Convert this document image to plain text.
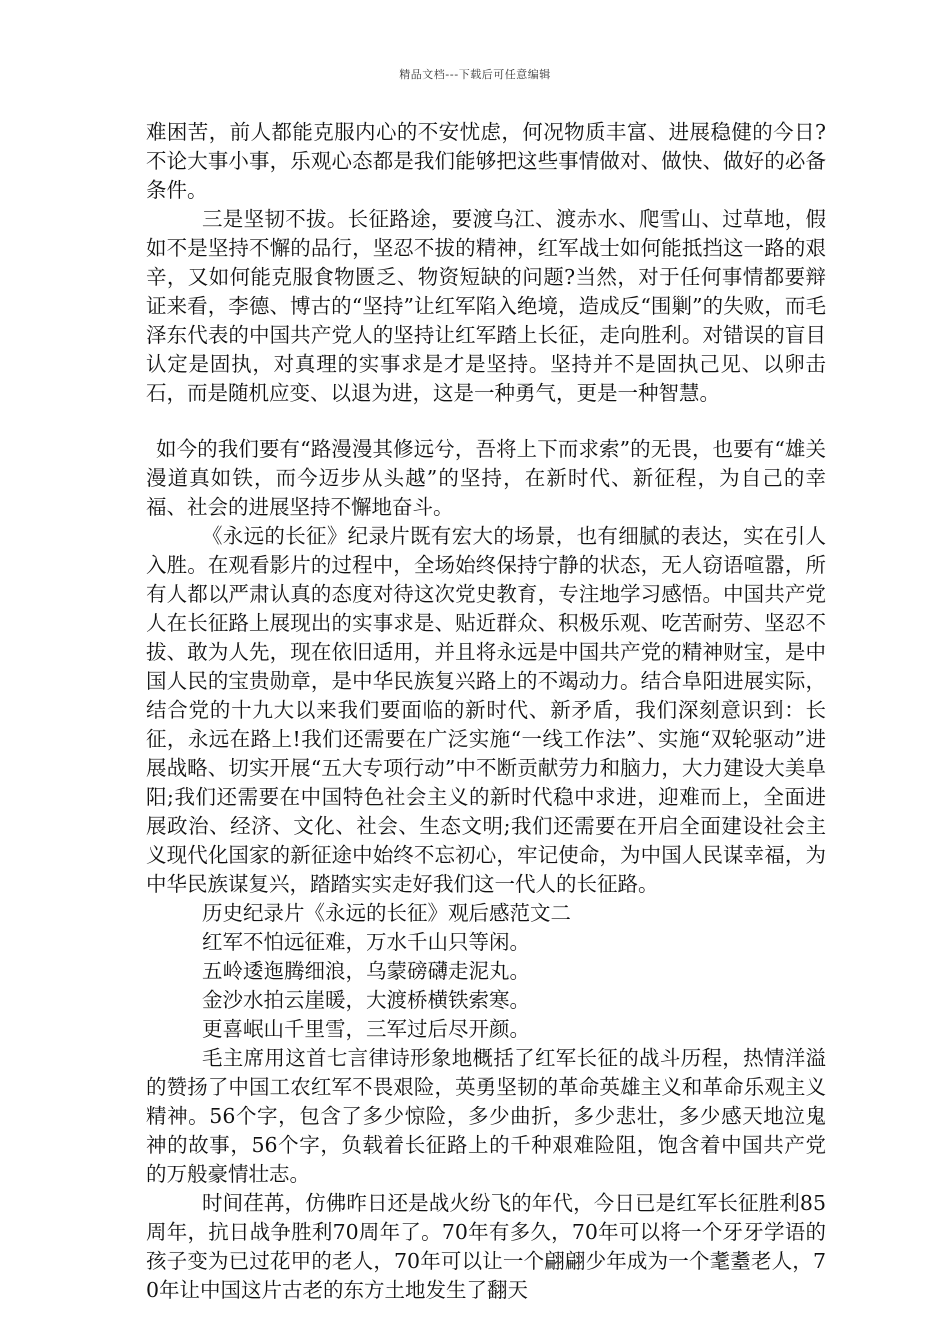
精品文档---下载后可任意编辑

难困苦，前人都能克服内心的不安忧虑，何况物质丰富、进展稳健的今日?不论大事小事，乐观心态都是我们能够把这些事情做对、做快、做好的必备条件。

三是坚韧不拔。长征路途，要渡乌江、渡赤水、爬雪山、过草地，假如不是坚持不懈的品行，坚忍不拔的精神，红军战士如何能抵挡这一路的艰辛，又如何能克服食物匮乏、物资短缺的问题?当然，对于任何事情都要辩证来看，李德、博古的“坚持”让红军陷入绝境，造成反“围剿”的失败，而毛泽东代表的中国共产党人的坚持让红军踏上长征，走向胜利。对错误的盲目认定是固执，对真理的实事求是才是坚持。坚持并不是固执己见、以卵击石，而是随机应变、以退为进，这是一种勇气，更是一种智慧。

如今的我们要有“路漫漫其修远兮，吾将上下而求索”的无畏，也要有“雄关漫道真如铁，而今迈步从头越”的坚持，在新时代、新征程，为自己的幸福、社会的进展坚持不懈地奋斗。

《永远的长征》纪录片既有宏大的场景，也有细腻的表达，实在引人入胜。在观看影片的过程中，全场始终保持宁静的状态，无人窃语喧嚣，所有人都以严肃认真的态度对待这次党史教育，专注地学习感悟。中国共产党人在长征路上展现出的实事求是、贴近群众、积极乐观、吃苦耐劳、坚忍不拔、敢为人先，现在依旧适用，并且将永远是中国共产党的精神财宝，是中国人民的宝贵勋章，是中华民族复兴路上的不竭动力。结合阜阳进展实际，结合党的十九大以来我们要面临的新时代、新矛盾，我们深刻意识到：长征，永远在路上!我们还需要在广泛实施“一线工作法”、实施“双轮驱动”进展战略、切实开展“五大专项行动”中不断贡献劳力和脑力，大力建设大美阜阳;我们还需要在中国特色社会主义的新时代稳中求进，迎难而上，全面进展政治、经济、文化、社会、生态文明;我们还需要在开启全面建设社会主义现代化国家的新征途中始终不忘初心，牢记使命，为中国人民谋幸福，为中华民族谋复兴，踏踏实实走好我们这一代人的长征路。

历史纪录片《永远的长征》观后感范文二

红军不怕远征难，万水千山只等闲。

五岭逶迤腾细浪，乌蒙磅礴走泥丸。

金沙水拍云崖暖，大渡桥横铁索寒。

更喜岷山千里雪，三军过后尽开颜。

毛主席用这首七言律诗形象地概括了红军长征的战斗历程，热情洋溢的赞扬了中国工农红军不畏艰险，英勇坚韧的革命英雄主义和革命乐观主义精神。56个字，包含了多少惊险，多少曲折，多少悲壮，多少感天地泣鬼神的故事，56个字，负载着长征路上的千种艰难险阻，饱含着中国共产党的万般豪情壮志。

时间荏苒，仿佛昨日还是战火纷飞的年代，今日已是红军长征胜利85周年，抗日战争胜利70周年了。70年有多久，70年可以将一个牙牙学语的孩子变为已过花甲的老人，70年可以让一个翩翩少年成为一个耄耋老人，70年让中国这片古老的东方土地发生了翻天
